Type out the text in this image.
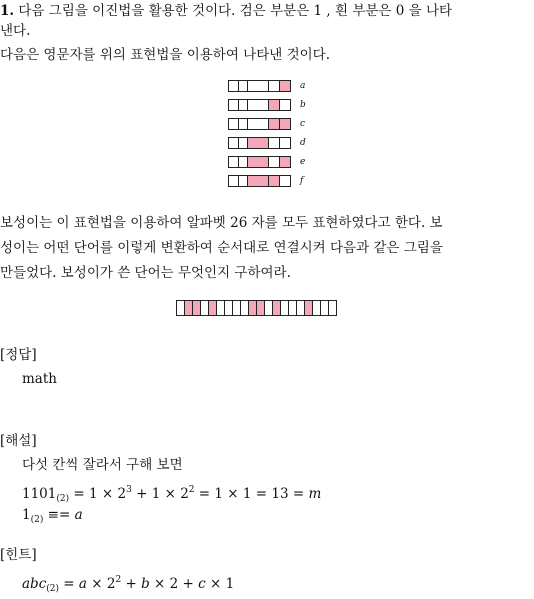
1. 다음 그림을 이진법을 활용한 것이다. 검은 부분은 1 , 흰 부분은 0 을 나타
낸다.
다음은 영문자를 위의 표현법을 이용하여 나타낸 것이다.
a
b
c
d
e
f
보성이는 이 표현법을 이용하여 알파벳 26 자를 모두 표현하였다고 한다. 보
성이는 어떤 단어를 이렇게 변환하여 순서대로 연결시켜 다음과 같은 그림을
만들었다. 보성이가 쓴 단어는 무엇인지 구하여라.
[정답]
math
[해설]
다섯 칸씩 잘라서 구해 보면
$1101_{(2)} = 1 \times 2^3 + 1 \times 2^2 = 1 \times 1 = 13 = m$
$1_{(2)} \equiv= a$
[힌트]
$abc_{(2)} = a \times 2^2 + b \times 2 + c \times 1$
